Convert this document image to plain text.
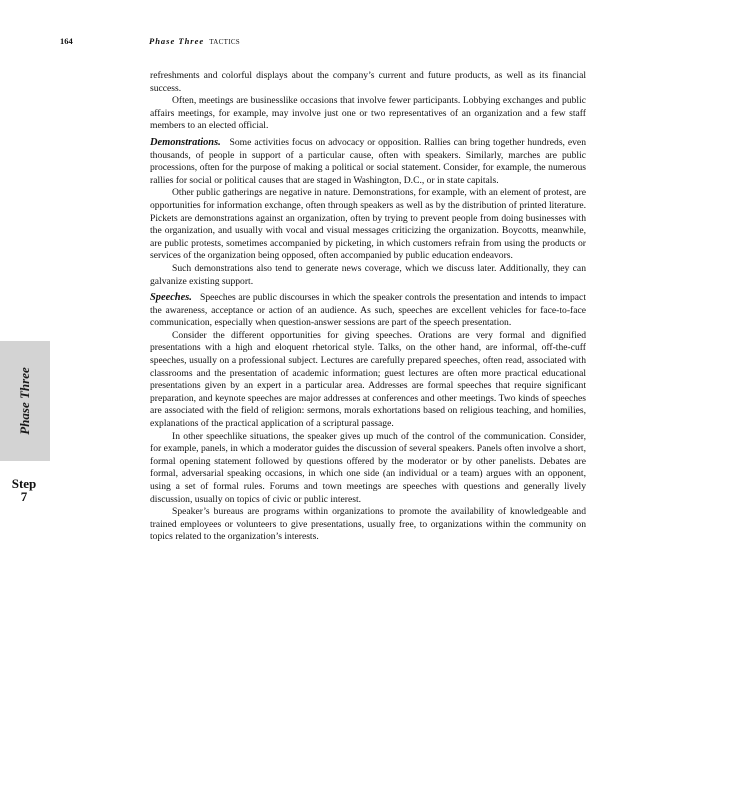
164	Phase Three TACTICS
Phase Three
Step
7

refreshments and colorful displays about the company’s current and future products, as well as its financial success.

Often, meetings are businesslike occasions that involve fewer participants. Lobbying exchanges and public affairs meetings, for example, may involve just one or two representatives of an organization and a few staff members to an elected official.

Demonstrations. Some activities focus on advocacy or opposition. Rallies can bring together hundreds, even thousands, of people in support of a particular cause, often with speakers. Similarly, marches are public processions, often for the purpose of making a political or social statement. Consider, for example, the numerous rallies for social or political causes that are staged in Washington, D.C., or in state capitals.

Other public gatherings are negative in nature. Demonstrations, for example, with an element of protest, are opportunities for information exchange, often through speakers as well as by the distribution of printed literature. Pickets are demonstrations against an organization, often by trying to prevent people from doing businesses with the organization, and usually with vocal and visual messages criticizing the organization. Boycotts, meanwhile, are public protests, sometimes accompanied by picketing, in which customers refrain from using the products or services of the organization being opposed, often accompanied by public education endeavors.

Such demonstrations also tend to generate news coverage, which we discuss later. Additionally, they can galvanize existing support.

Speeches. Speeches are public discourses in which the speaker controls the presentation and intends to impact the awareness, acceptance or action of an audience. As such, speeches are excellent vehicles for face-to-face communication, especially when question-answer sessions are part of the speech presentation.

Consider the different opportunities for giving speeches. Orations are very formal and dignified presentations with a high and eloquent rhetorical style. Talks, on the other hand, are informal, off-the-cuff speeches, usually on a professional subject. Lectures are carefully prepared speeches, often read, associated with classrooms and the presentation of academic information; guest lectures are often more practical educational presentations given by an expert in a particular area. Addresses are formal speeches that require significant preparation, and keynote speeches are major addresses at conferences and other meetings. Two kinds of speeches are associated with the field of religion: sermons, morals exhortations based on religious teaching, and homilies, explanations of the practical application of a scriptural passage.

In other speechlike situations, the speaker gives up much of the control of the communication. Consider, for example, panels, in which a moderator guides the discussion of several speakers. Panels often involve a short, formal opening statement followed by questions offered by the moderator or by other panelists. Debates are formal, adversarial speaking occasions, in which one side (an individual or a team) argues with an opponent, using a set of formal rules. Forums and town meetings are speeches with questions and generally lively discussion, usually on topics of civic or public interest.

Speaker’s bureaus are programs within organizations to promote the availability of knowledgeable and trained employees or volunteers to give presentations, usually free, to organizations within the community on topics related to the organization’s interests.
